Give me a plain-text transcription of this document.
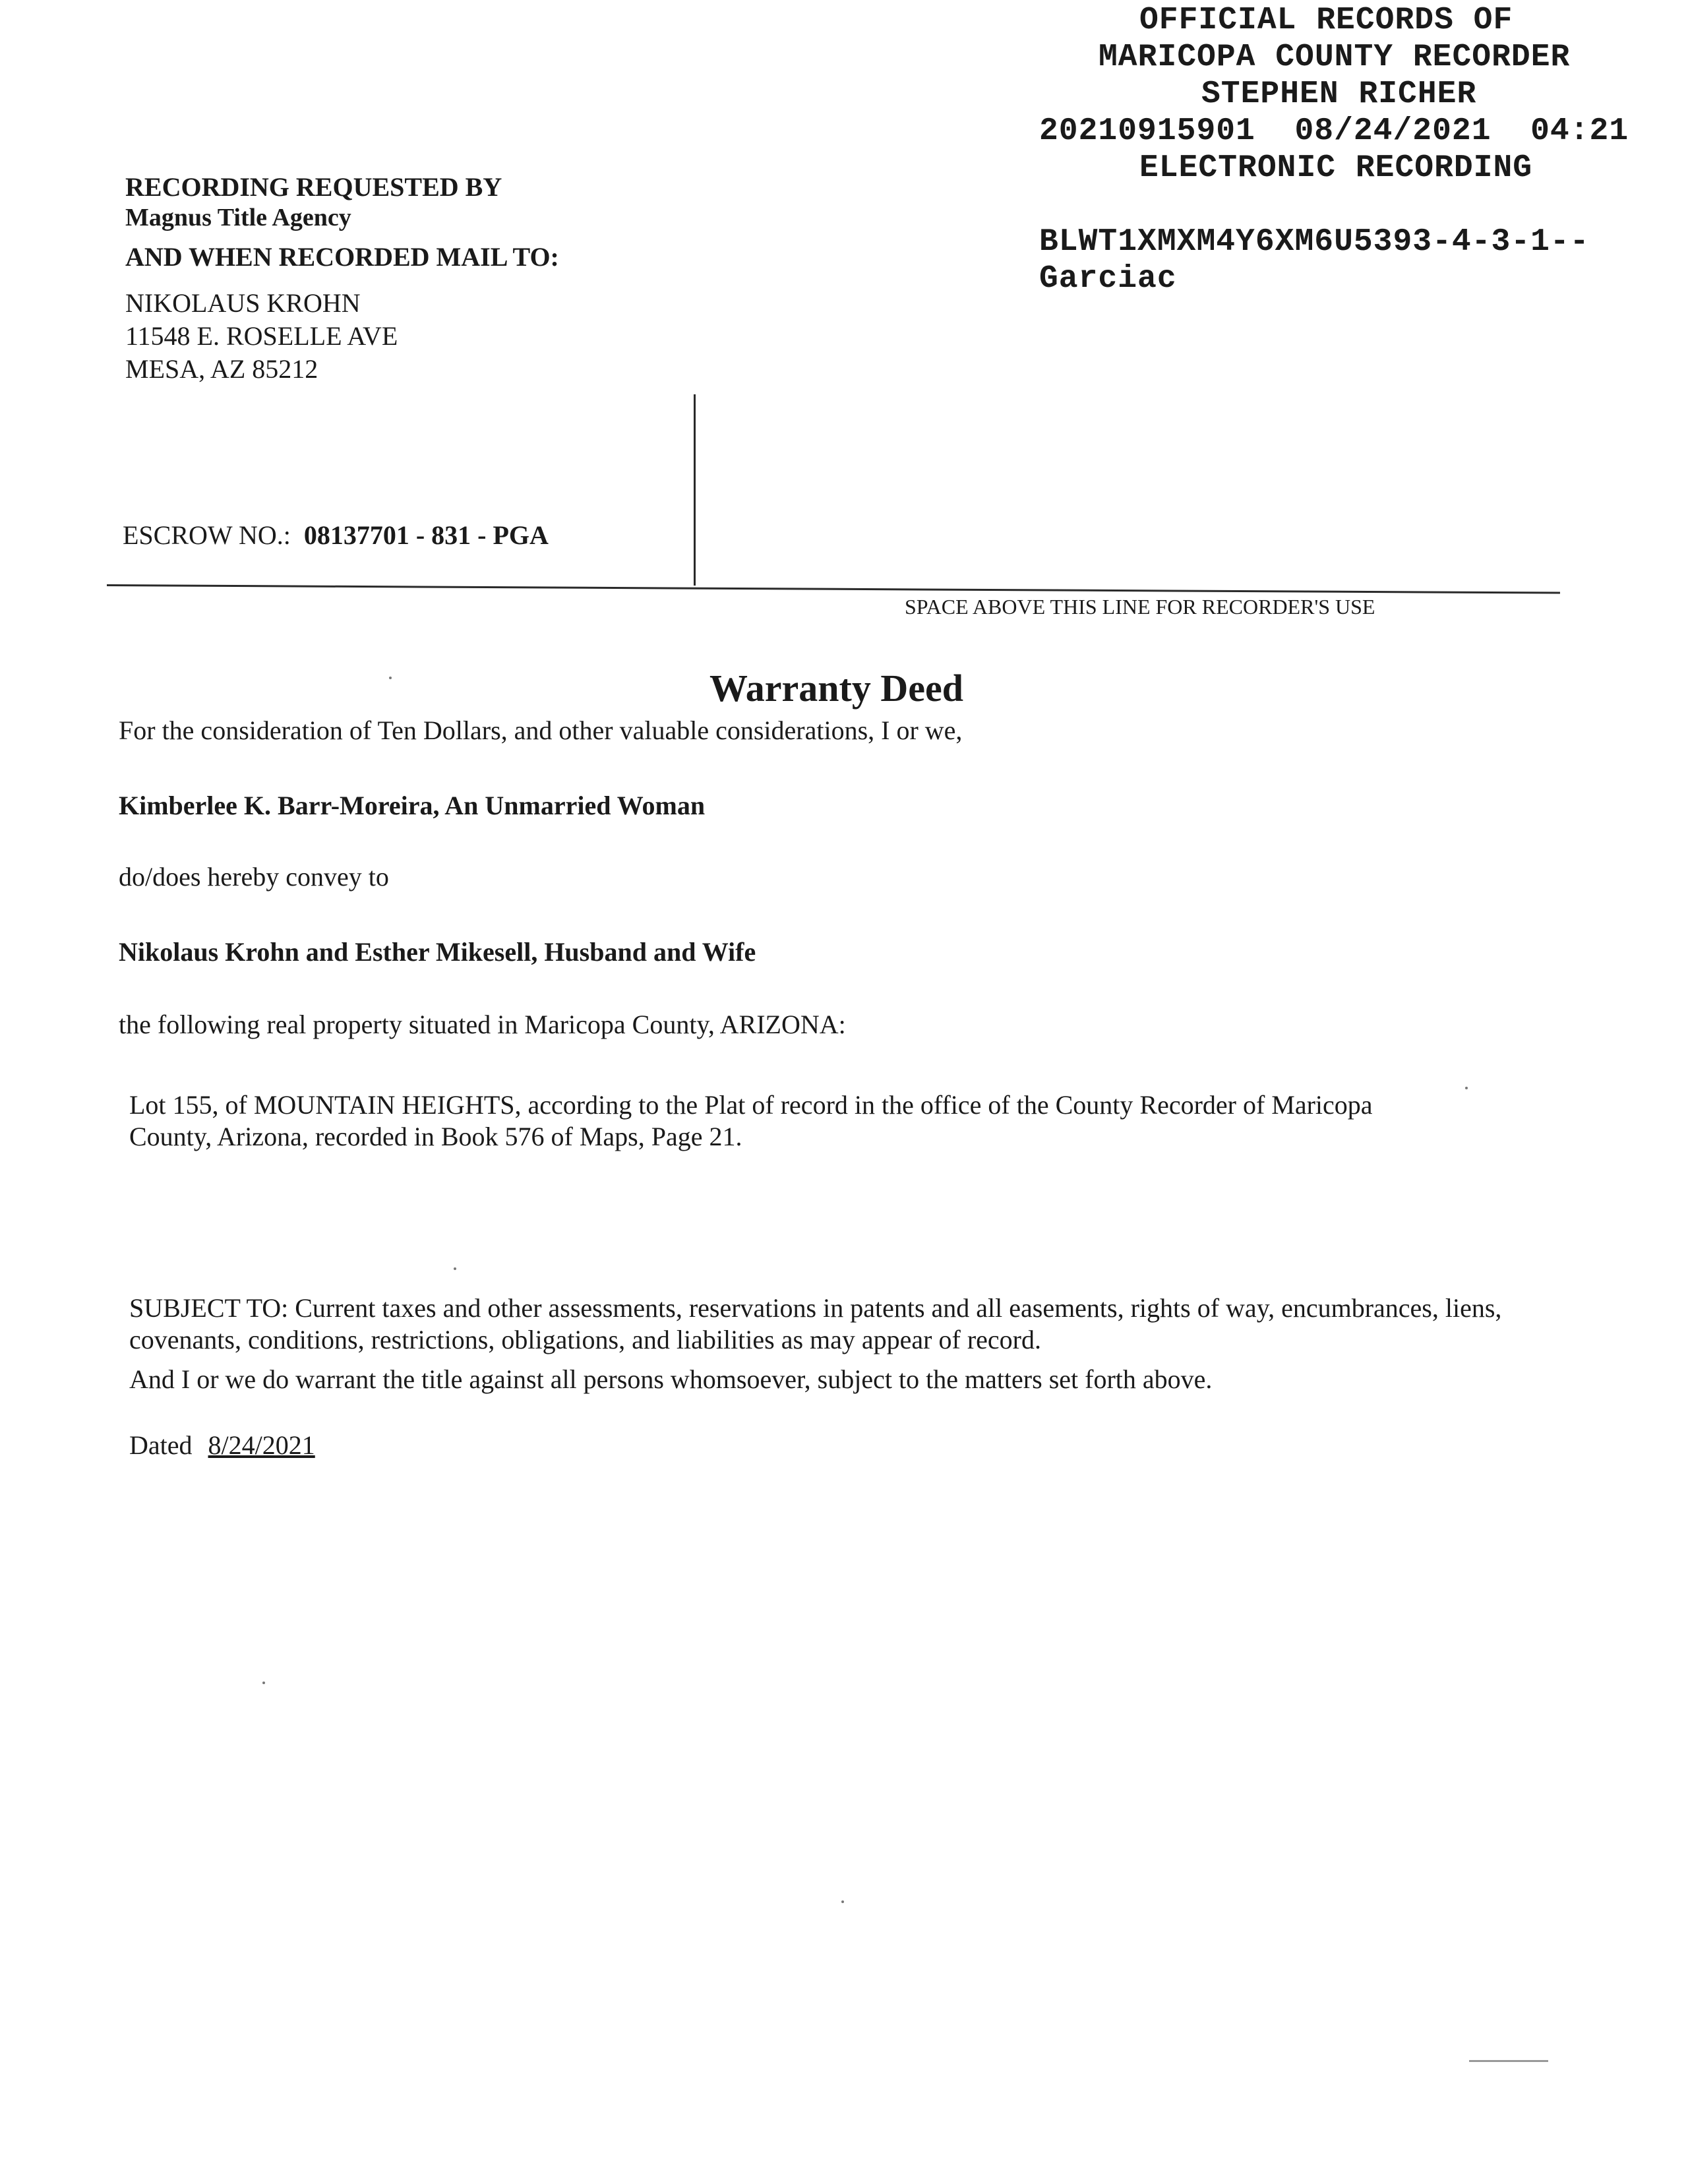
OFFICIAL RECORDS OF
MARICOPA COUNTY RECORDER
STEPHEN RICHER
20210915901  08/24/2021  04:21
ELECTRONIC RECORDING
BLWT1XMXM4Y6XM6U5393-4-3-1--
Garciac
RECORDING REQUESTED BY
Magnus Title Agency
AND WHEN RECORDED MAIL TO:
NIKOLAUS KROHN
11548 E. ROSELLE AVE
MESA, AZ 85212
ESCROW NO.: 08137701 - 831 - PGA
SPACE ABOVE THIS LINE FOR RECORDER'S USE
Warranty Deed
For the consideration of Ten Dollars, and other valuable considerations, I or we,
Kimberlee K. Barr-Moreira, An Unmarried Woman
do/does hereby convey to
Nikolaus Krohn and Esther Mikesell, Husband and Wife
the following real property situated in Maricopa County, ARIZONA:
Lot 155, of MOUNTAIN HEIGHTS, according to the Plat of record in the office of the County Recorder of Maricopa
County, Arizona, recorded in Book 576 of Maps, Page 21.
SUBJECT TO: Current taxes and other assessments, reservations in patents and all easements, rights of way, encumbrances, liens,
covenants, conditions, restrictions, obligations, and liabilities as may appear of record.
And I or we do warrant the title against all persons whomsoever, subject to the matters set forth above.
Dated 8/24/2021
